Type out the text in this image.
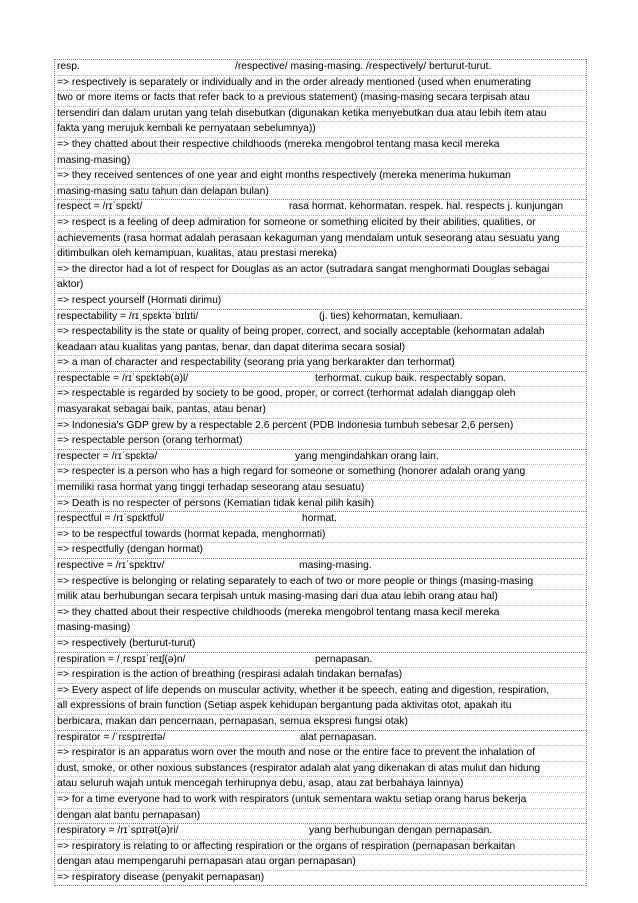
resp.	/respective/ masing-masing. /respectively/ berturut-turut.
=> respectively is separately or individually and in the order already mentioned (used when enumerating
two or more items or facts that refer back to a previous statement) (masing-masing secara terpisah atau
tersendiri dan dalam urutan yang telah disebutkan (digunakan ketika menyebutkan dua atau lebih item atau
fakta yang merujuk kembali ke pernyataan sebelumnya))
=> they chatted about their respective childhoods (mereka mengobrol tentang masa kecil mereka
masing-masing)
=> they received sentences of one year and eight months respectively (mereka menerima hukuman
masing-masing satu tahun dan delapan bulan)
respect = /rɪˈspɛkt/	rasa hormat. kehormatan. respek. hal. respects j. kunjungan
=> respect is a feeling of deep admiration for someone or something elicited by their abilities, qualities, or
achievements (rasa hormat adalah perasaan kekaguman yang mendalam untuk seseorang atau sesuatu yang
ditimbulkan oleh kemampuan, kualitas, atau prestasi mereka)
=> the director had a lot of respect for Douglas as an actor (sutradara sangat menghormati Douglas sebagai
aktor)
=> respect yourself (Hormati dirimu)
respectability = /rɪˌspɛktəˈbɪlɪti/	(j. ties) kehormatan, kemuliaan.
=> respectability is the state or quality of being proper, correct, and socially acceptable (kehormatan adalah
keadaan atau kualitas yang pantas, benar, dan dapat diterima secara sosial)
=> a man of character and respectability (seorang pria yang berkarakter dan terhormat)
respectable = /rɪˈspɛktəb(ə)l/	terhormat. cukup baik. respectably sopan.
=> respectable is regarded by society to be good, proper, or correct (terhormat adalah dianggap oleh
masyarakat sebagai baik, pantas, atau benar)
=> Indonesia's GDP grew by a respectable 2.6 percent (PDB Indonesia tumbuh sebesar 2,6 persen)
=> respectable person (orang terhormat)
respecter = /rɪˈspɛktə/	yang mengindahkan orang lain.
=> respecter is a person who has a high regard for someone or something (honorer adalah orang yang
memiliki rasa hormat yang tinggi terhadap seseorang atau sesuatu)
=> Death is no respecter of persons (Kematian tidak kenal pilih kasih)
respectful = /rɪˈspɛktfʊl/	hormat.
=> to be respectful towards (hormat kepada, menghormati)
=> respectfully (dengan hormat)
respective = /rɪˈspɛktɪv/	masing-masing.
=> respective is belonging or relating separately to each of two or more people or things (masing-masing
milik atau berhubungan secara terpisah untuk masing-masing dari dua atau lebih orang atau hal)
=> they chatted about their respective childhoods (mereka mengobrol tentang masa kecil mereka
masing-masing)
=> respectively (berturut-turut)
respiration = /ˌrɛspɪˈreɪʃ(ə)n/	pernapasan.
=> respiration is the action of breathing (respirasi adalah tindakan bernafas)
=> Every aspect of life depends on muscular activity, whether it be speech, eating and digestion, respiration,
all expressions of brain function (Setiap aspek kehidupan bergantung pada aktivitas otot, apakah itu
berbicara, makan dan pencernaan, pernapasan, semua ekspresi fungsi otak)
respirator = /ˈrɛspɪreɪtə/	alat pernapasan.
=> respirator is an apparatus worn over the mouth and nose or the entire face to prevent the inhalation of
dust, smoke, or other noxious substances (respirator adalah alat yang dikenakan di atas mulut dan hidung
atau seluruh wajah untuk mencegah terhirupnya debu, asap, atau zat berbahaya lainnya)
=> for a time everyone had to work with respirators (untuk sementara waktu setiap orang harus bekerja
dengan alat bantu pernapasan)
respiratory = /rɪˈspɪrət(ə)ri/	yang berhubungan dengan pernapasan.
=> respiratory is relating to or affecting respiration or the organs of respiration (pernapasan berkaitan
dengan atau mempengaruhi pernapasan atau organ pernapasan)
=> respiratory disease (penyakit pernapasan)
